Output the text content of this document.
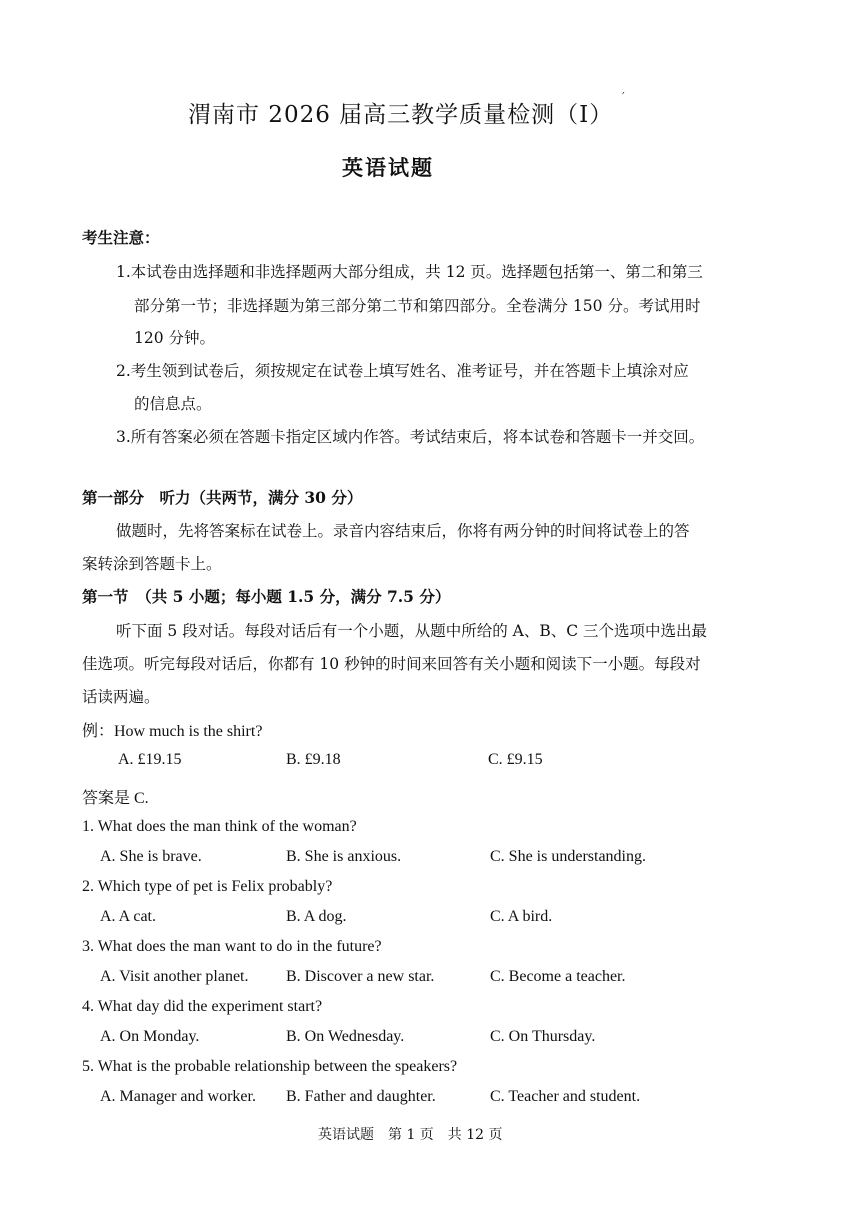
渭南市 2026 届高三教学质量检测（I）
′
英语试题
考生注意：
1.本试卷由选择题和非选择题两大部分组成，共 12 页。选择题包括第一、第二和第三
部分第一节；非选择题为第三部分第二节和第四部分。全卷满分 150 分。考试用时
120 分钟。
2.考生领到试卷后，须按规定在试卷上填写姓名、准考证号，并在答题卡上填涂对应
的信息点。
3.所有答案必须在答题卡指定区域内作答。考试结束后，将本试卷和答题卡一并交回。
第一部分　听力（共两节，满分 30 分）
做题时，先将答案标在试卷上。录音内容结束后，你将有两分钟的时间将试卷上的答
案转涂到答题卡上。
第一节　（共 5 小题；每小题 1.5 分，满分 7.5 分）
听下面 5 段对话。每段对话后有一个小题，从题中所给的 A、B、C 三个选项中选出最
佳选项。听完每段对话后，你都有 10 秒钟的时间来回答有关小题和阅读下一小题。每段对
话读两遍。
例：How much is the shirt?
A. £19.15	B. £9.18	C. £9.15
答案是 C.
1. What does the man think of the woman?
A. She is brave.	B. She is anxious.	C. She is understanding.
2. Which type of pet is Felix probably?
A. A cat.	B. A dog.	C. A bird.
3. What does the man want to do in the future?
A. Visit another planet. B. Discover a new star.	C. Become a teacher.
4. What day did the experiment start?
A. On Monday.	B. On Wednesday.	C. On Thursday.
5. What is the probable relationship between the speakers?
A. Manager and worker. B. Father and daughter.	C. Teacher and student.
英语试题　第 1 页　共 12 页
